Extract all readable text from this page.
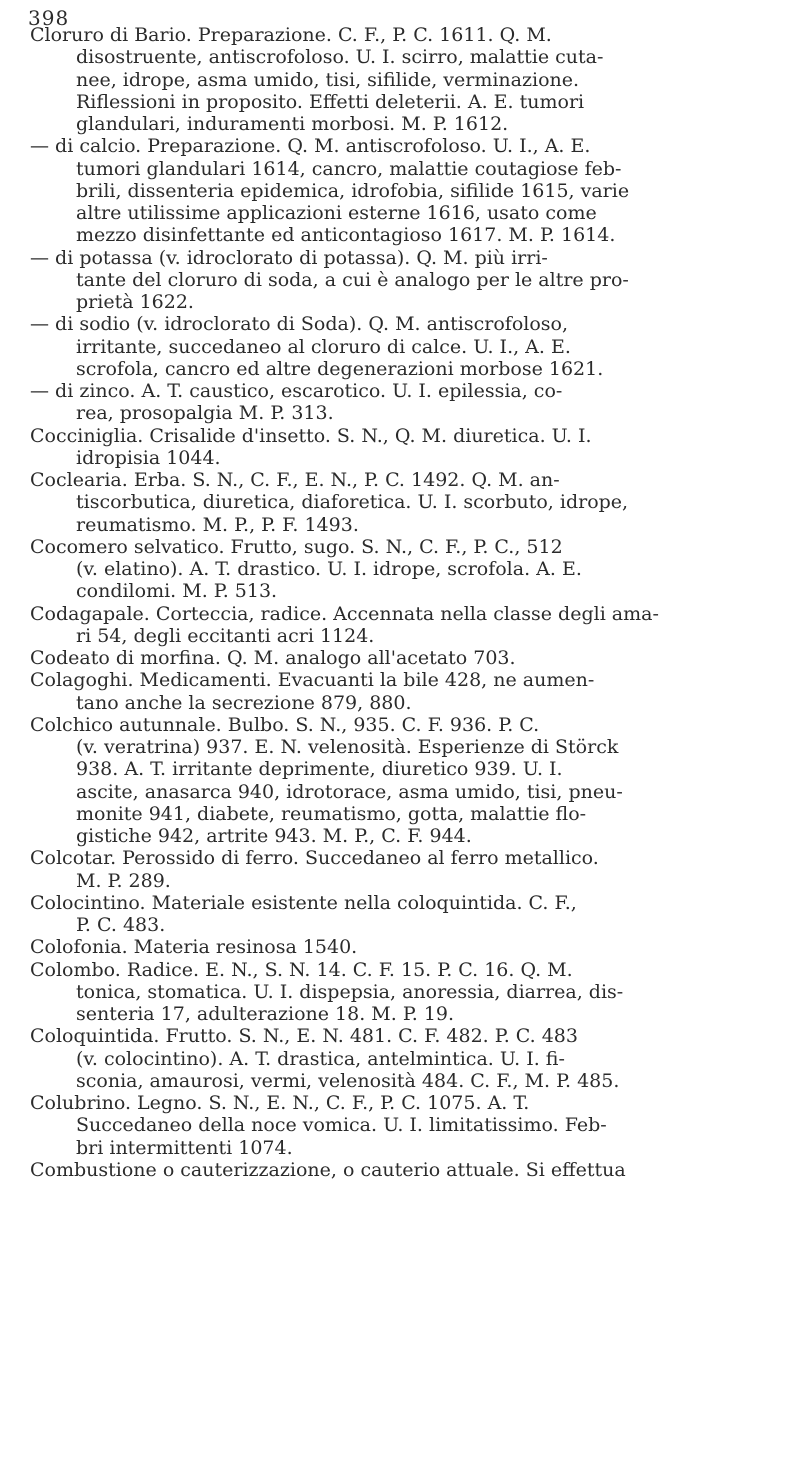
398
Cloruro di Bario. Preparazione. C. F., P. C. 1611. Q. M.
disostruente, antiscrofoloso. U. I. scirro, malattie cuta-
nee, idrope, asma umido, tisi, sifilide, verminazione.
Riflessioni in proposito. Effetti deleterii. A. E. tumori
glandulari, induramenti morbosi. M. P. 1612.
— di calcio. Preparazione. Q. M. antiscrofoloso. U. I., A. E.
tumori glandulari 1614, cancro, malattie coutagiose feb-
brili, dissenteria epidemica, idrofobia, sifilide 1615, varie
altre utilissime applicazioni esterne 1616, usato come
mezzo disinfettante ed anticontagioso 1617. M. P. 1614.
— di potassa (v. idroclorato di potassa). Q. M. più irri-
tante del cloruro di soda, a cui è analogo per le altre pro-
prietà 1622.
— di sodio (v. idroclorato di Soda). Q. M. antiscrofoloso,
irritante, succedaneo al cloruro di calce. U. I., A. E.
scrofola, cancro ed altre degenerazioni morbose 1621.
— di zinco. A. T. caustico, escarotico. U. I. epilessia, co-
rea, prosopalgia M. P. 313.
Cocciniglia. Crisalide d'insetto. S. N., Q. M. diuretica. U. I.
idropisia 1044.
Coclearia. Erba. S. N., C. F., E. N., P. C. 1492. Q. M. an-
tiscorbutica, diuretica, diaforetica. U. I. scorbuto, idrope,
reumatismo. M. P., P. F. 1493.
Cocomero selvatico. Frutto, sugo. S. N., C. F., P. C., 512
(v. elatino). A. T. drastico. U. I. idrope, scrofola. A. E.
condilomi. M. P. 513.
Codagapale. Corteccia, radice. Accennata nella classe degli ama-
ri 54, degli eccitanti acri 1124.
Codeato di morfina. Q. M. analogo all'acetato 703.
Colagoghi. Medicamenti. Evacuanti la bile 428, ne aumen-
tano anche la secrezione 879, 880.
Colchico autunnale. Bulbo. S. N., 935. C. F. 936. P. C.
(v. veratrina) 937. E. N. velenosità. Esperienze di Störck
938. A. T. irritante deprimente, diuretico 939. U. I.
ascite, anasarca 940, idrotorace, asma umido, tisi, pneu-
monite 941, diabete, reumatismo, gotta, malattie flo-
gistiche 942, artrite 943. M. P., C. F. 944.
Colcotar. Perossido di ferro. Succedaneo al ferro metallico.
M. P. 289.
Colocintino. Materiale esistente nella coloquintida. C. F.,
P. C. 483.
Colofonia. Materia resinosa 1540.
Colombo. Radice. E. N., S. N. 14. C. F. 15. P. C. 16. Q. M.
tonica, stomatica. U. I. dispepsia, anoressia, diarrea, dis-
senteria 17, adulterazione 18. M. P. 19.
Coloquintida. Frutto. S. N., E. N. 481. C. F. 482. P. C. 483
(v. colocintino). A. T. drastica, antelmintica. U. I. fi-
sconia, amaurosi, vermi, velenosità 484. C. F., M. P. 485.
Colubrino. Legno. S. N., E. N., C. F., P. C. 1075. A. T.
Succedaneo della noce vomica. U. I. limitatissimo. Feb-
bri intermittenti 1074.
Combustione o cauterizzazione, o cauterio attuale. Si effettua
